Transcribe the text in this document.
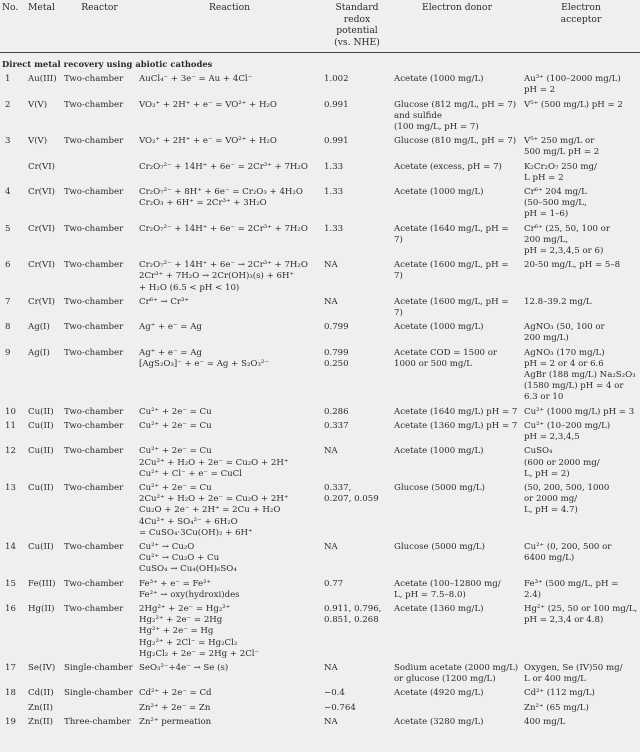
No.	Metal	Reactor	Reaction	Standard
redox
potential
(vs. NHE)	Electron donor	Electron
acceptor

Direct metal recovery using abiotic cathodes						
1	Au(III)	Two-chamber	AuCl₄⁻ + 3e⁻ = Au + 4Cl⁻	1.002	Acetate (1000 mg/L)	Au³⁺ (100–2000 mg/L)
pH = 2

2	V(V)	Two-chamber	VO₂⁺ + 2H⁺ + e⁻ = VO²⁺ + H₂O	0.991	Glucose (812 mg/L, pH = 7)
and sulfide
(100 mg/L, pH = 7)	V⁵⁺ (500 mg/L) pH = 2

3	V(V)	Two-chamber	VO₂⁺ + 2H⁺ + e⁻ = VO²⁺ + H₂O	0.991	Glucose (810 mg/L, pH = 7)	V⁵⁺ 250 mg/L or
500 mg/L pH = 2

	Cr(VI)		Cr₂O₇²⁻ + 14H⁺ + 6e⁻ = 2Cr³⁺ + 7H₂O	1.33	Acetate (excess, pH = 7)	K₂Cr₂O₇ 250 mg/
L pH = 2

4	Cr(VI)	Two-chamber	Cr₂O₇²⁻ + 8H⁺ + 6e⁻ = Cr₂O₃ + 4H₂O
Cr₂O₃ + 6H⁺ = 2Cr³⁺ + 3H₂O	1.33	Acetate (1000 mg/L)	Cr⁶⁺ 204 mg/L
(50–500 mg/L,
pH = 1–6)

5	Cr(VI)	Two-chamber	Cr₂O₇²⁻ + 14H⁺ + 6e⁻ = 2Cr³⁺ + 7H₂O	1.33	Acetate (1640 mg/L, pH = 7)	Cr⁶⁺ (25, 50, 100 or
200 mg/L,
pH = 2,3,4,5 or 6)

6	Cr(VI)	Two-chamber	Cr₂O₇²⁻ + 14H⁺ + 6e⁻ → 2Cr³⁺ + 7H₂O
2Cr³⁺ + 7H₂O → 2Cr(OH)₃(s) + 6H⁺
+ H₂O (6.5 < pH < 10)	NA	Acetate (1600 mg/L, pH = 7)	20-50 mg/L, pH = 5–8

7	Cr(VI)	Two-chamber	Cr⁶⁺ → Cr³⁺	NA	Acetate (1600 mg/L, pH = 7)	12.8–39.2 mg/L

8	Ag(I)	Two-chamber	Ag⁺ + e⁻ = Ag	0.799	Acetate (1000 mg/L)	AgNO₃ (50, 100 or
200 mg/L)

9	Ag(I)	Two-chamber	Ag⁺ + e⁻ = Ag
[AgS₂O₃]⁻ + e⁻ = Ag + S₂O₃²⁻	0.799
0.250	Acetate COD = 1500 or
1000 or 500 mg/L	AgNO₃ (170 mg/L)
pH = 2 or 4 or 6.6
AgBr (188 mg/L) Na₂S₂O₃
(1580 mg/L) pH = 4 or
6.3 or 10

10	Cu(II)	Two-chamber	Cu²⁺ + 2e⁻ = Cu	0.286	Acetate (1640 mg/L) pH = 7	Cu²⁺ (1000 mg/L) pH = 3

11	Cu(II)	Two-chamber	Cu²⁺ + 2e⁻ = Cu	0.337	Acetate (1360 mg/L) pH = 7	Cu²⁺ (10–200 mg/L)
pH = 2,3,4,5

12	Cu(II)	Two-chamber	Cu²⁺ + 2e⁻ = Cu
2Cu²⁺ + H₂O + 2e⁻ = Cu₂O + 2H⁺
Cu²⁺ + Cl⁻ + e⁻ = CuCl	NA	Acetate (1000 mg/L)	CuSO₄
(600 or 2000 mg/
L, pH = 2)

13	Cu(II)	Two-chamber	Cu²⁺ + 2e⁻ = Cu
2Cu²⁺ + H₂O + 2e⁻ = Cu₂O + 2H⁺
Cu₂O + 2e⁻ + 2H⁺ = 2Cu + H₂O
4Cu²⁺ + SO₄²⁻ + 6H₂O
= CuSO₄·3Cu(OH)₂ + 6H⁺	0.337,
0.207, 0.059	Glucose (5000 mg/L)	(50, 200, 500, 1000
or 2000 mg/
L, pH = 4.7)

14	Cu(II)	Two-chamber	Cu²⁺ → Cu₂O
Cu²⁺ → Cu₂O + Cu
CuSO₄ → Cu₄(OH)₆SO₄	NA	Glucose (5000 mg/L)	Cu²⁺ (0, 200, 500 or
6400 mg/L)

15	Fe(III)	Two-chamber	Fe³⁺ + e⁻ = Fe²⁺
Fe²⁺ → oxy(hydroxi)des	0.77	Acetate (100–12800 mg/
L, pH = 7.5–8.0)	Fe³⁺ (500 mg/L, pH = 2.4)

16	Hg(II)	Two-chamber	2Hg²⁺ + 2e⁻ = Hg₂²⁺
Hg₂²⁺ + 2e⁻ = 2Hg
Hg²⁺ + 2e⁻ = Hg
Hg₂²⁺ + 2Cl⁻ = Hg₂Cl₂
Hg₂Cl₂ + 2e⁻ = 2Hg + 2Cl⁻	0.911, 0.796,
0.851, 0.268	Acetate (1360 mg/L)	Hg²⁺ (25, 50 or 100 mg/L,
pH = 2,3,4 or 4.8)

17	Se(IV)	Single-chamber	SeO₃²⁻+4e⁻ → Se (s)	NA	Sodium acetate (2000 mg/L)
or glucose (1200 mg/L)	Oxygen, Se (IV)50 mg/
L or 400 mg/L

18	Cd(II)	Single-chamber	Cd²⁺ + 2e⁻ = Cd	−0.4	Acetate (4920 mg/L)	Cd²⁺ (112 mg/L)

	Zn(II)		Zn²⁺ + 2e⁻ = Zn	−0.764		Zn²⁺ (65 mg/L)

19	Zn(II)	Three-chamber	Zn²⁺ permeation	NA	Acetate (3280 mg/L)	400 mg/L
